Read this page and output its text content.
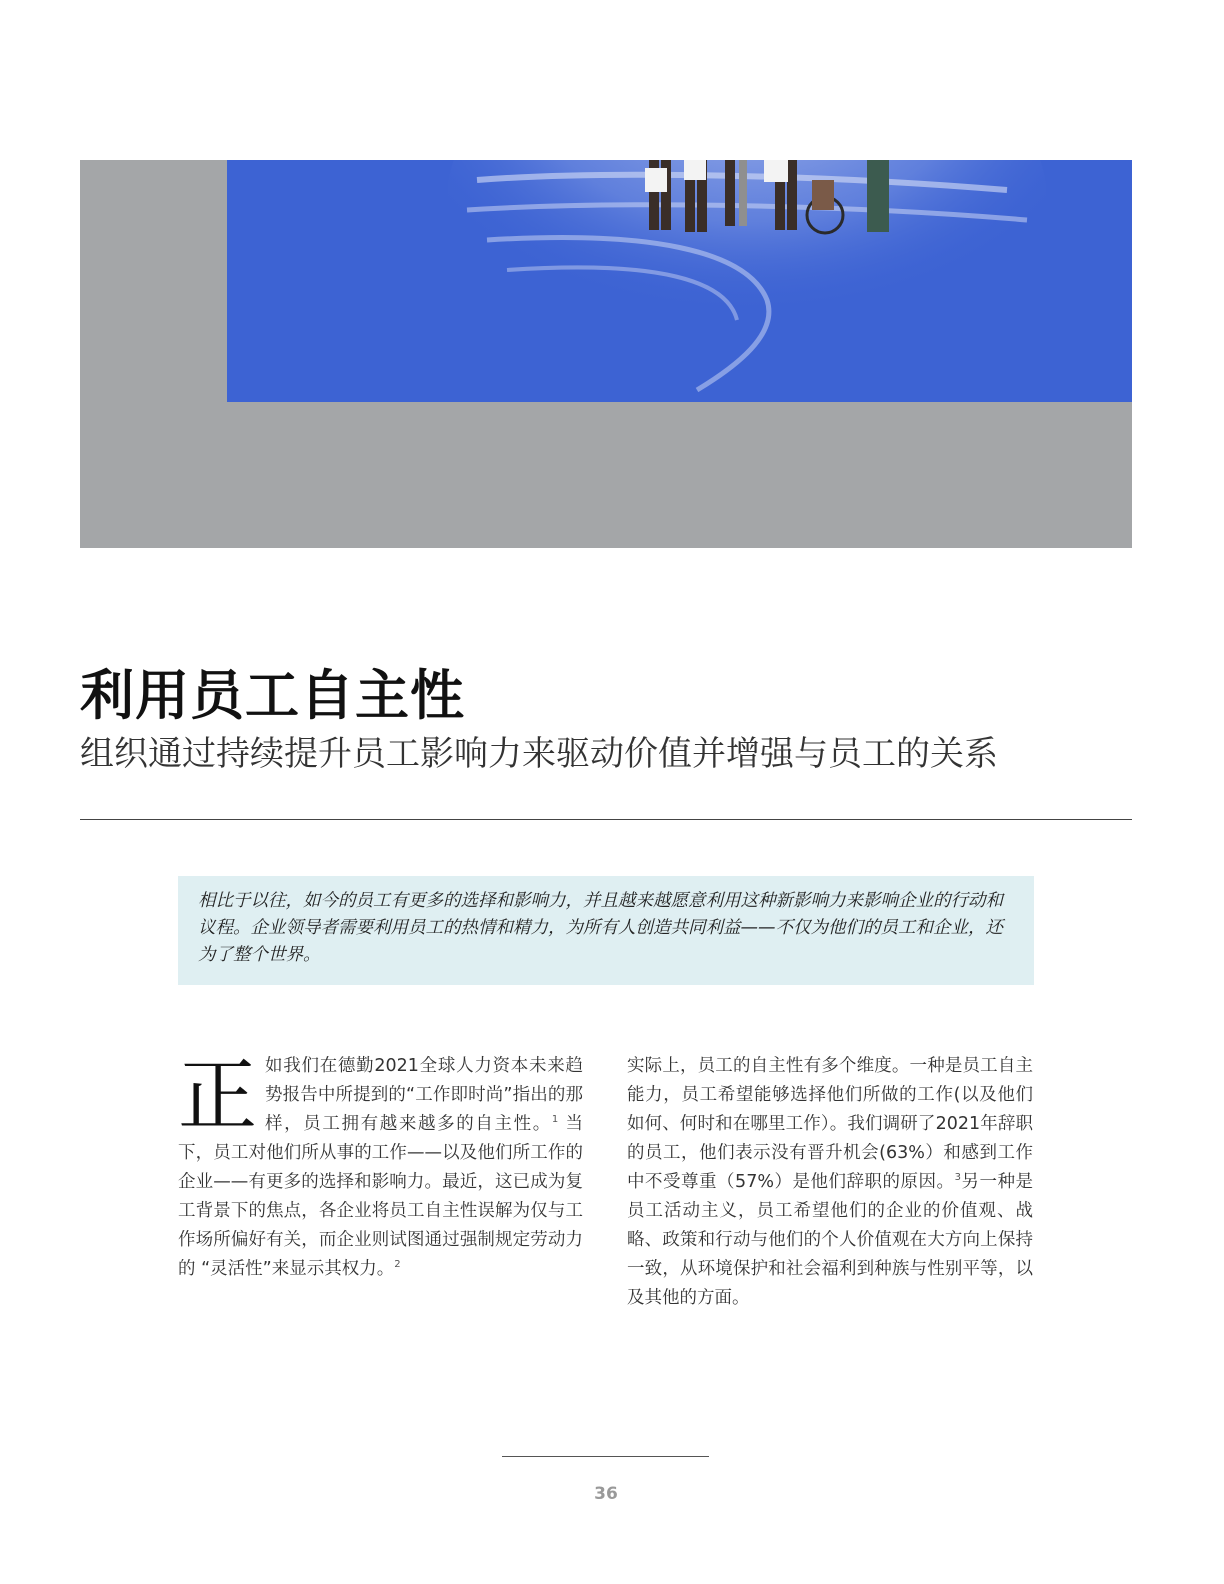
利用员工自主性
组织通过持续提升员工影响力来驱动价值并增强与员工的关系

相比于以往，如今的员工有更多的选择和影响力，并且越来越愿意利用这种新影响力来影响企业的行动和议程。企业领导者需要利用员工的热情和精力，为所有人创造共同利益——不仅为他们的员工和企业，还为了整个世界。

正如我们在德勤2021全球人力资本未来趋势报告中所提到的“工作即时尚”指出的那样，员工拥有越来越多的自主性。$^1$ 当下，员工对他们所从事的工作——以及他们所工作的企业——有更多的选择和影响力。最近，这已成为复工背景下的焦点，各企业将员工自主性误解为仅与工作场所偏好有关，而企业则试图通过强制规定劳动力的 “灵活性”来显示其权力。$^2$

实际上，员工的自主性有多个维度。一种是员工自主能力，员工希望能够选择他们所做的工作(以及他们如何、何时和在哪里工作）。我们调研了2021年辞职的员工，他们表示没有晋升机会(63%）和感到工作中不受尊重（57%）是他们辞职的原因。$^3$另一种是员工活动主义，员工希望他们的企业的价值观、战略、政策和行动与他们的个人价值观在大方向上保持一致，从环境保护和社会福利到种族与性别平等，以及其他的方面。

36
